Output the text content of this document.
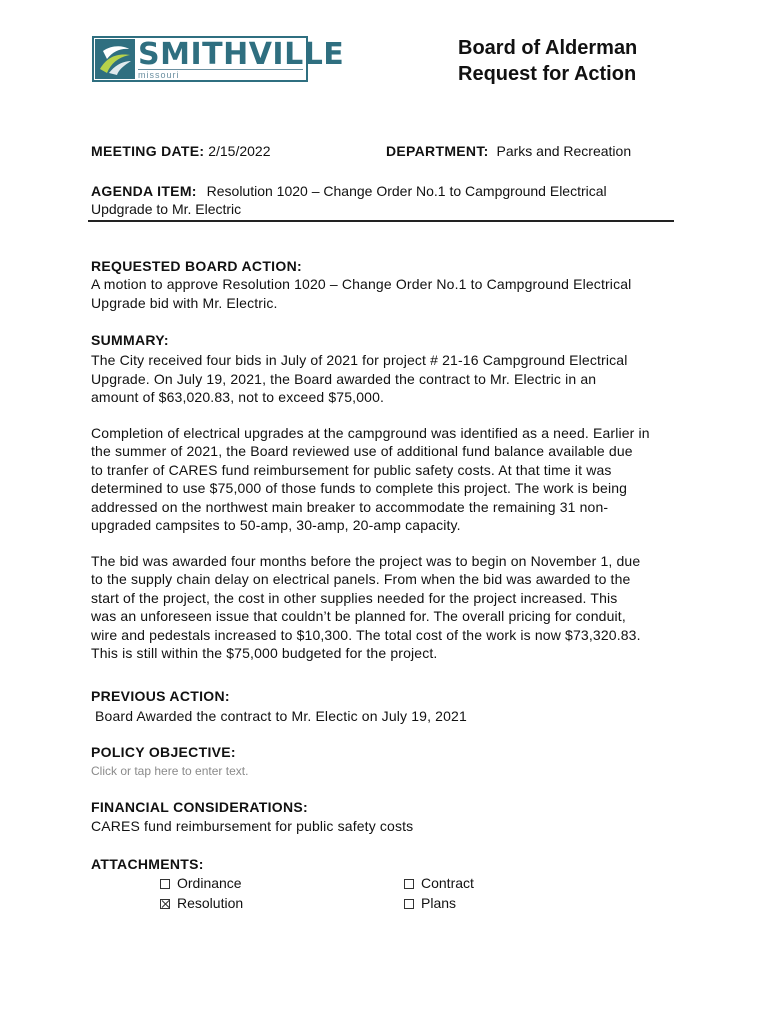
SMITHVILLE
missouri
Board of Alderman
Request for Action
MEETING DATE: 2/15/2022	DEPARTMENT: Parks and Recreation
AGENDA ITEM: Resolution 1020 – Change Order No.1 to Campground Electrical
Updgrade to Mr. Electric
REQUESTED BOARD ACTION:
A motion to approve Resolution 1020 – Change Order No.1 to Campground Electrical
Upgrade bid with Mr. Electric.
SUMMARY:
The City received four bids in July of 2021 for project # 21-16 Campground Electrical
Upgrade. On July 19, 2021, the Board awarded the contract to Mr. Electric in an
amount of $63,020.83, not to exceed $75,000.
Completion of electrical upgrades at the campground was identified as a need. Earlier in
the summer of 2021, the Board reviewed use of additional fund balance available due
to tranfer of CARES fund reimbursement for public safety costs. At that time it was
determined to use $75,000 of those funds to complete this project. The work is being
addressed on the northwest main breaker to accommodate the remaining 31 non-
upgraded campsites to 50-amp, 30-amp, 20-amp capacity.
The bid was awarded four months before the project was to begin on November 1, due
to the supply chain delay on electrical panels. From when the bid was awarded to the
start of the project, the cost in other supplies needed for the project increased. This
was an unforeseen issue that couldn’t be planned for. The overall pricing for conduit,
wire and pedestals increased to $10,300. The total cost of the work is now $73,320.83.
This is still within the $75,000 budgeted for the project.
PREVIOUS ACTION:
Board Awarded the contract to Mr. Electic on July 19, 2021
POLICY OBJECTIVE:
Click or tap here to enter text.
FINANCIAL CONSIDERATIONS:
CARES fund reimbursement for public safety costs
ATTACHMENTS:
Ordinance
Resolution
Contract
Plans
